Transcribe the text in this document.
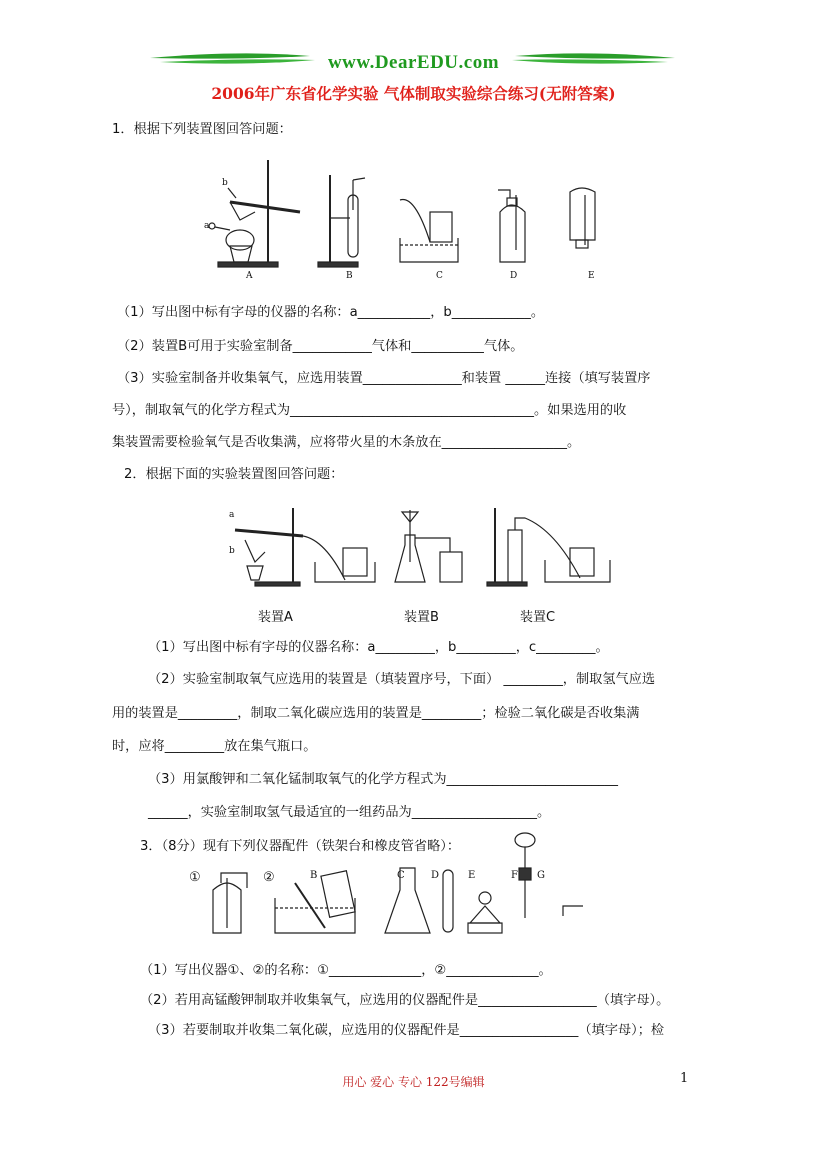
www.DearEDU.com
2006年广东省化学实验 气体制取实验综合练习(无附答案)
1．根据下列装置图回答问题：
b
a
A	B	C	D	E
（1）写出图中标有字母的仪器的名称：a___________，b____________。
（2）装置B可用于实验室制备____________气体和___________气体。
（3）实验室制备并收集氧气，应选用装置_______________和装置 ______连接（填写装置序
号），制取氧气的化学方程式为_____________________________________。如果选用的收
集装置需要检验氧气是否收集满，应将带火星的木条放在___________________。
2．根据下面的实验装置图回答问题：
a
b
装置A	装置B	装置C
（1）写出图中标有字母的仪器名称：a_________，b_________，c_________。
（2）实验室制取氧气应选用的装置是（填装置序号，下面） _________，制取氢气应选
用的装置是_________，制取二氧化碳应选用的装置是_________；检验二氧化碳是否收集满
时，应将_________放在集气瓶口。
（3）用氯酸钾和二氧化锰制取氧气的化学方程式为__________________________
______，实验室制取氢气最适宜的一组药品为___________________。
3．（8分）现有下列仪器配件（铁架台和橡皮管省略）：
①	②	B	C	D	E	F G
（1）写出仪器①、②的名称：①______________，②______________。
（2）若用高锰酸钾制取并收集氧气，应选用的仪器配件是__________________（填字母）。
（3）若要制取并收集二氧化碳，应选用的仪器配件是__________________（填字母）；检
用心 爱心 专心 122号编辑	1
